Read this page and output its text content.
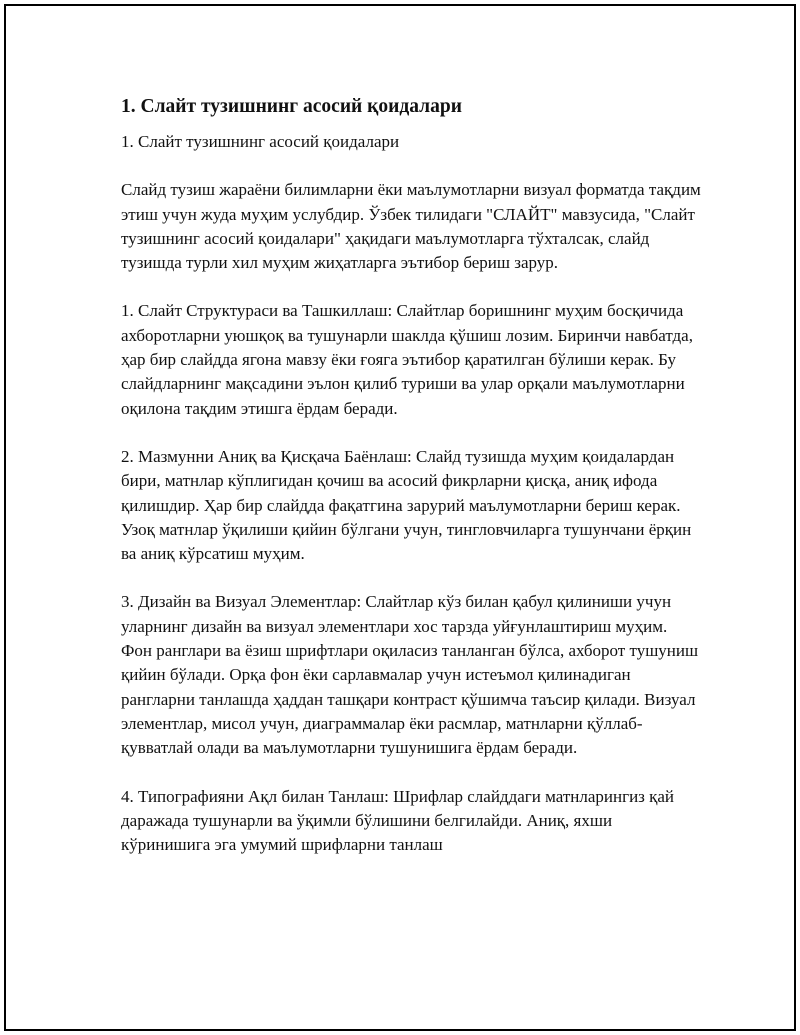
1. Слайт тузишнинг асосий қоидалари

1. Слайт тузишнинг асосий қоидалари

Слайд тузиш жараёни билимларни ёки маълумотларни визуал форматда тақдим этиш учун жуда муҳим услубдир. Ўзбек тилидаги "СЛАЙТ" мавзусида, "Слайт тузишнинг асосий қоидалари" ҳақидаги маълумотларга тўхталсак, слайд тузишда турли хил муҳим жиҳатларга эътибор бериш зарур.

1. Слайт Структураси ва Ташкиллаш: Слайтлар боришнинг муҳим босқичида ахборотларни уюшқоқ ва тушунарли шаклда қўшиш лозим. Биринчи навбатда, ҳар бир слайдда ягона мавзу ёки ғояга эътибор қаратилган бўлиши керак. Бу слайдларнинг мақсадини эълон қилиб туриши ва улар орқали маълумотларни оқилона тақдим этишга ёрдам беради.

2. Мазмунни Аниқ ва Қисқача Баёнлаш: Слайд тузишда муҳим қоидалардан бири, матнлар кўплигидан қочиш ва асосий фикрларни қисқа, аниқ ифода қилишдир. Ҳар бир слайдда фақатгина зарурий маълумотларни бериш керак. Узоқ матнлар ўқилиши қийин бўлгани учун, тингловчиларга тушунчани ёрқин ва аниқ кўрсатиш муҳим.

3. Дизайн ва Визуал Элементлар: Слайтлар кўз билан қабул қилиниши учун уларнинг дизайн ва визуал элементлари хос тарзда уйғунлаштириш муҳим. Фон ранглари ва ёзиш шрифтлари оқиласиз танланган бўлса, ахборот тушуниш қийин бўлади. Орқа фон ёки сарлавмалар учун истеъмол қилинадиган рангларни танлашда ҳаддан ташқари контраст қўшимча таъсир қилади. Визуал элементлар, мисол учун, диаграммалар ёки расмлар, матнларни қўллаб-қувватлай олади ва маълумотларни тушунишига ёрдам беради.

4. Типографияни Ақл билан Танлаш: Шрифлар слайддаги матнларингиз қай даражада тушунарли ва ўқимли бўлишини белгилайди. Аниқ, яхши кўринишига эга умумий шрифларни танлаш
